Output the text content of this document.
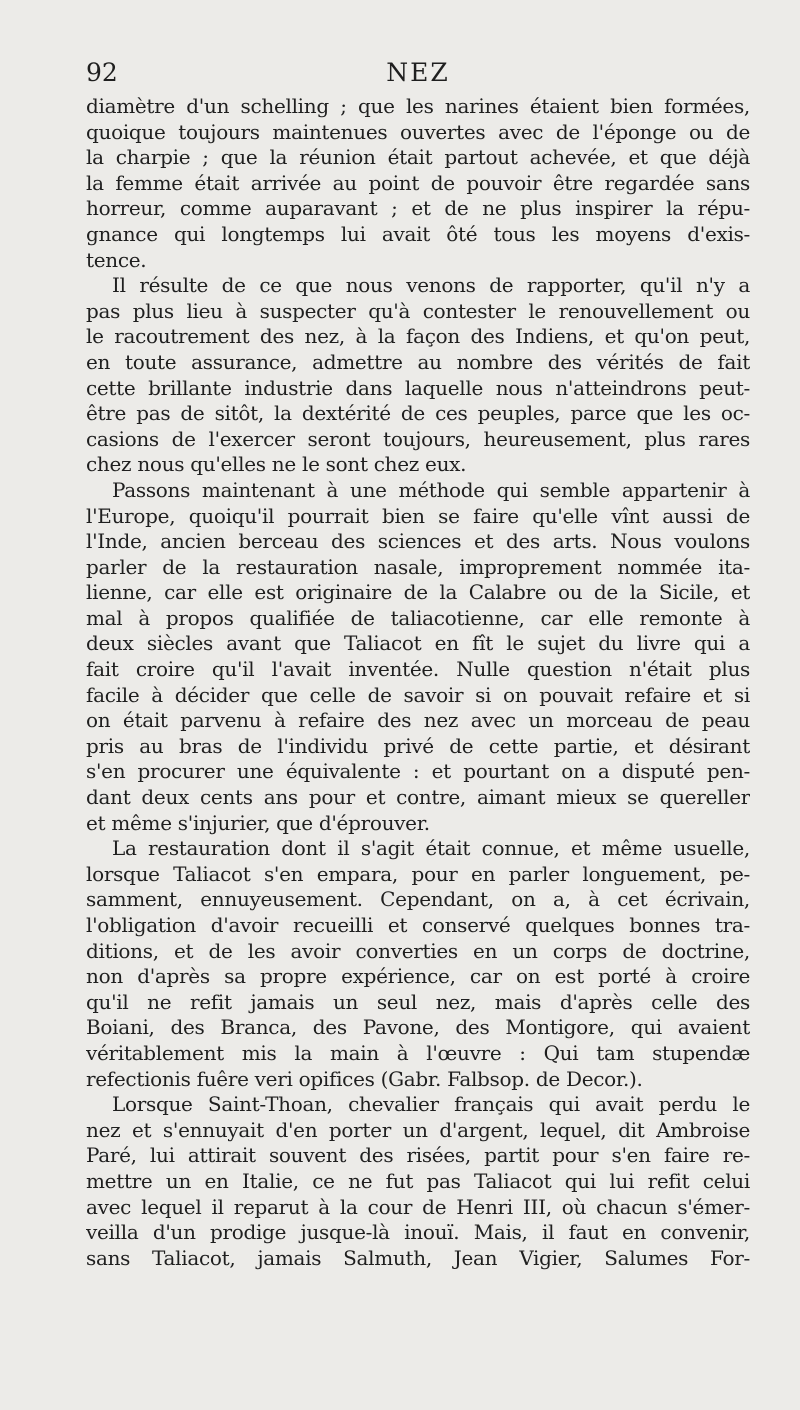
92	NEZ
diamètre d'un schelling ; que les narines étaient bien formées,
quoique toujours maintenues ouvertes avec de l'éponge ou de
la charpie ; que la réunion était partout achevée, et que déjà
la femme était arrivée au point de pouvoir être regardée sans
horreur, comme auparavant ; et de ne plus inspirer la répu-
gnance qui longtemps lui avait ôté tous les moyens d'exis-
tence.
Il résulte de ce que nous venons de rapporter, qu'il n'y a
pas plus lieu à suspecter qu'à contester le renouvellement ou
le racoutrement des nez, à la façon des Indiens, et qu'on peut,
en toute assurance, admettre au nombre des vérités de fait
cette brillante industrie dans laquelle nous n'atteindrons peut-
être pas de sitôt, la dextérité de ces peuples, parce que les oc-
casions de l'exercer seront toujours, heureusement, plus rares
chez nous qu'elles ne le sont chez eux.
Passons maintenant à une méthode qui semble appartenir à
l'Europe, quoiqu'il pourrait bien se faire qu'elle vînt aussi de
l'Inde, ancien berceau des sciences et des arts. Nous voulons
parler de la restauration nasale, improprement nommée ita-
lienne, car elle est originaire de la Calabre ou de la Sicile, et
mal à propos qualifiée de taliacotienne, car elle remonte à
deux siècles avant que Taliacot en fît le sujet du livre qui a
fait croire qu'il l'avait inventée. Nulle question n'était plus
facile à décider que celle de savoir si on pouvait refaire et si
on était parvenu à refaire des nez avec un morceau de peau
pris au bras de l'individu privé de cette partie, et désirant
s'en procurer une équivalente : et pourtant on a disputé pen-
dant deux cents ans pour et contre, aimant mieux se quereller
et même s'injurier, que d'éprouver.
La restauration dont il s'agit était connue, et même usuelle,
lorsque Taliacot s'en empara, pour en parler longuement, pe-
samment, ennuyeusement. Cependant, on a, à cet écrivain,
l'obligation d'avoir recueilli et conservé quelques bonnes tra-
ditions, et de les avoir converties en un corps de doctrine,
non d'après sa propre expérience, car on est porté à croire
qu'il ne refit jamais un seul nez, mais d'après celle des
Boiani, des Branca, des Pavone, des Montigore, qui avaient
véritablement mis la main à l'œuvre : Qui tam stupendæ
refectionis fuêre veri opifices (Gabr. Falbsop. de Decor.).
Lorsque Saint-Thoan, chevalier français qui avait perdu le
nez et s'ennuyait d'en porter un d'argent, lequel, dit Ambroise
Paré, lui attirait souvent des risées, partit pour s'en faire re-
mettre un en Italie, ce ne fut pas Taliacot qui lui refit celui
avec lequel il reparut à la cour de Henri III, où chacun s'émer-
veilla d'un prodige jusque-là inouï. Mais, il faut en convenir,
sans Taliacot, jamais Salmuth, Jean Vigier, Salumes For-
